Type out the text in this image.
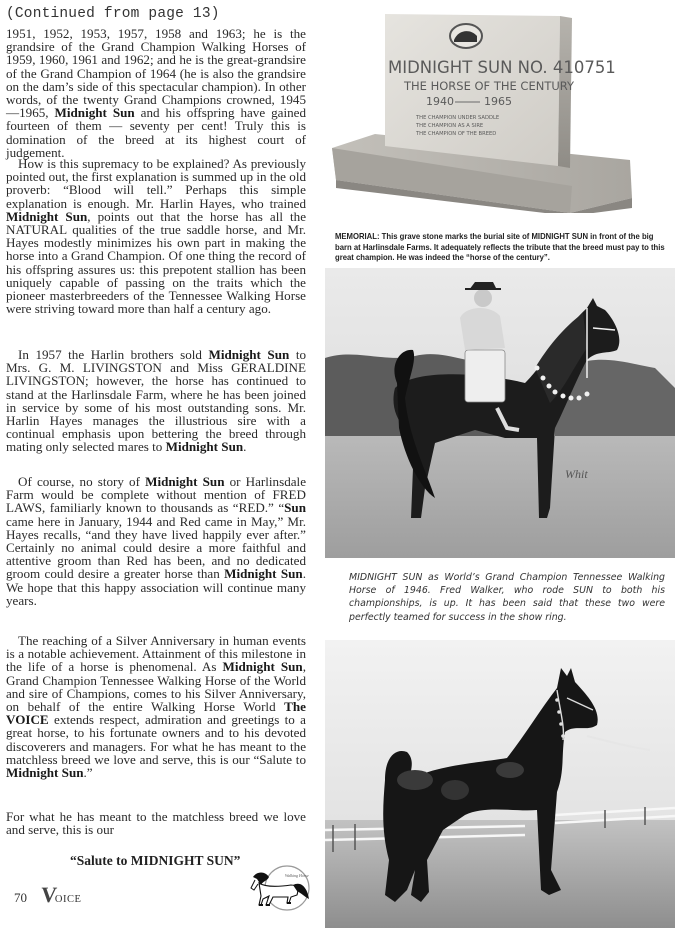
(Continued from page 13)
1951, 1952, 1953, 1957, 1958 and 1963; he is the grandsire of the Grand Champion Walking Horses of 1959, 1960, 1961 and 1962; and he is the great-grandsire of the Grand Champion of 1964 (he is also the grandsire on the dam’s side of this spectacular champion). In other words, of the twenty Grand Champions crowned, 1945—1965, Midnight Sun and his offspring have gained fourteen of them — seventy per cent! Truly this is domination of the breed at its highest court of judgement.
How is this supremacy to be explained? As previously pointed out, the first explanation is summed up in the old proverb: “Blood will tell.” Perhaps this simple explanation is enough. Mr. Harlin Hayes, who trained Midnight Sun, points out that the horse has all the NATURAL qualities of the true saddle horse, and Mr. Hayes modestly minimizes his own part in making the horse into a Grand Champion. Of one thing the record of his offspring assures us: this prepotent stallion has been uniquely capable of passing on the traits which the pioneer masterbreeders of the Tennessee Walking Horse were striving toward more than half a century ago.
In 1957 the Harlin brothers sold Midnight Sun to Mrs. G. M. LIVINGSTON and Miss GERALDINE LIVINGSTON; however, the horse has continued to stand at the Harlinsdale Farm, where he has been joined in service by some of his most outstanding sons. Mr. Harlin Hayes manages the illustrious sire with a continual emphasis upon bettering the breed through mating only selected mares to Midnight Sun.
Of course, no story of Midnight Sun or Harlinsdale Farm would be complete without mention of FRED LAWS, familiarly known to thousands as “RED.” “Sun came here in January, 1944 and Red came in May,” Mr. Hayes recalls, “and they have lived happily ever after.” Certainly no animal could desire a more faithful and attentive groom than Red has been, and no dedicated groom could desire a greater horse than Midnight Sun. We hope that this happy association will continue many years.
The reaching of a Silver Anniversary in human events is a notable achievement. Attainment of this milestone in the life of a horse is phenomenal. As Midnight Sun, Grand Champion Tennessee Walking Horse of the World and sire of Champions, comes to his Silver Anniversary, on behalf of the entire Walking Horse World The VOICE extends respect, admiration and greetings to a great horse, to his fortunate owners and to his devoted discoverers and managers. For what he has meant to the matchless breed we love and serve, this is our “Salute to Midnight Sun.”
For what he has meant to the matchless breed we love and serve, this is our
“Salute to MIDNIGHT SUN”
70 VOICE
Walking Horse
MIDNIGHT SUN NO. 410751
THE HORSE OF THE CENTURY
1940	1965
THE CHAMPION UNDER SADDLE
THE CHAMPION AS A SIRE
THE CHAMPION OF THE BREED
MEMORIAL: This grave stone marks the burial site of MIDNIGHT SUN in front of the big barn at Harlinsdale Farms. It adequately reflects the tribute that the breed must pay to this great champion. He was indeed the “horse of the century”.
Whit
MIDNIGHT SUN as World’s Grand Champion Tennessee Walking Horse of 1946. Fred Walker, who rode SUN to both his championships, is up. It has been said that these two were perfectly teamed for success in the show ring.
